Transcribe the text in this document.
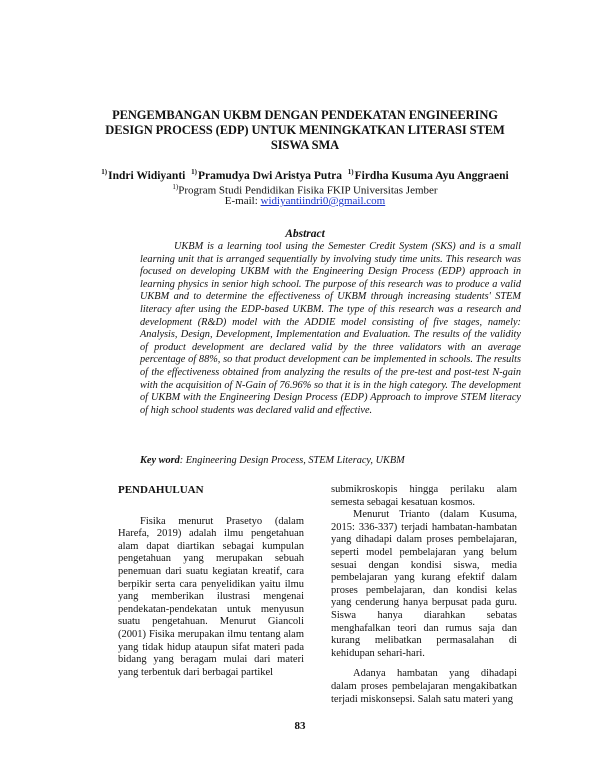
PENGEMBANGAN UKBM DENGAN PENDEKATAN ENGINEERING DESIGN PROCESS (EDP) UNTUK MENINGKATKAN LITERASI STEM SISWA SMA
$^{1)}$Indri Widiyanti $^{1)}$Pramudya Dwi Aristya Putra $^{1)}$Firdha Kusuma Ayu Anggraeni
$^{1)}$Program Studi Pendidikan Fisika FKIP Universitas Jember
E-mail: widiyantiindri0@gmail.com
Abstract
UKBM is a learning tool using the Semester Credit System (SKS) and is a small learning unit that is arranged sequentially by involving study time units. This research was focused on developing UKBM with the Engineering Design Process (EDP) approach in learning physics in senior high school. The purpose of this research was to produce a valid UKBM and to determine the effectiveness of UKBM through increasing students' STEM literacy after using the EDP-based UKBM. The type of this research was a research and development (R&D) model with the ADDIE model consisting of five stages, namely: Analysis, Design, Development, Implementation and Evaluation. The results of the validity of product development are declared valid by the three validators with an average percentage of 88%, so that product development can be implemented in schools. The results of the effectiveness obtained from analyzing the results of the pre-test and post-test N-gain with the acquisition of N-Gain of 76.96% so that it is in the high category. The development of UKBM with the Engineering Design Process (EDP) Approach to improve STEM literacy of high school students was declared valid and effective.
Key word: Engineering Design Process, STEM Literacy, UKBM

PENDAHULUAN

Fisika menurut Prasetyo (dalam Harefa, 2019) adalah ilmu pengetahuan alam dapat diartikan sebagai kumpulan pengetahuan yang merupakan sebuah penemuan dari suatu kegiatan kreatif, cara berpikir serta cara penyelidikan yaitu ilmu yang memberikan ilustrasi mengenai pendekatan-pendekatan untuk menyusun suatu pengetahuan. Menurut Giancoli (2001) Fisika merupakan ilmu tentang alam yang tidak hidup ataupun sifat materi pada bidang yang beragam mulai dari materi yang terbentuk dari berbagai partikel

submikroskopis hingga perilaku alam semesta sebagai kesatuan kosmos.

Menurut Trianto (dalam Kusuma, 2015: 336-337) terjadi hambatan-hambatan yang dihadapi dalam proses pembelajaran, seperti model pembelajaran yang belum sesuai dengan kondisi siswa, media pembelajaran yang kurang efektif dalam proses pembelajaran, dan kondisi kelas yang cenderung hanya berpusat pada guru. Siswa hanya diarahkan sebatas menghafalkan teori dan rumus saja dan kurang melibatkan permasalahan di kehidupan sehari-hari.

Adanya hambatan yang dihadapi dalam proses pembelajaran mengakibatkan terjadi miskonsepsi. Salah satu materi yang

83
